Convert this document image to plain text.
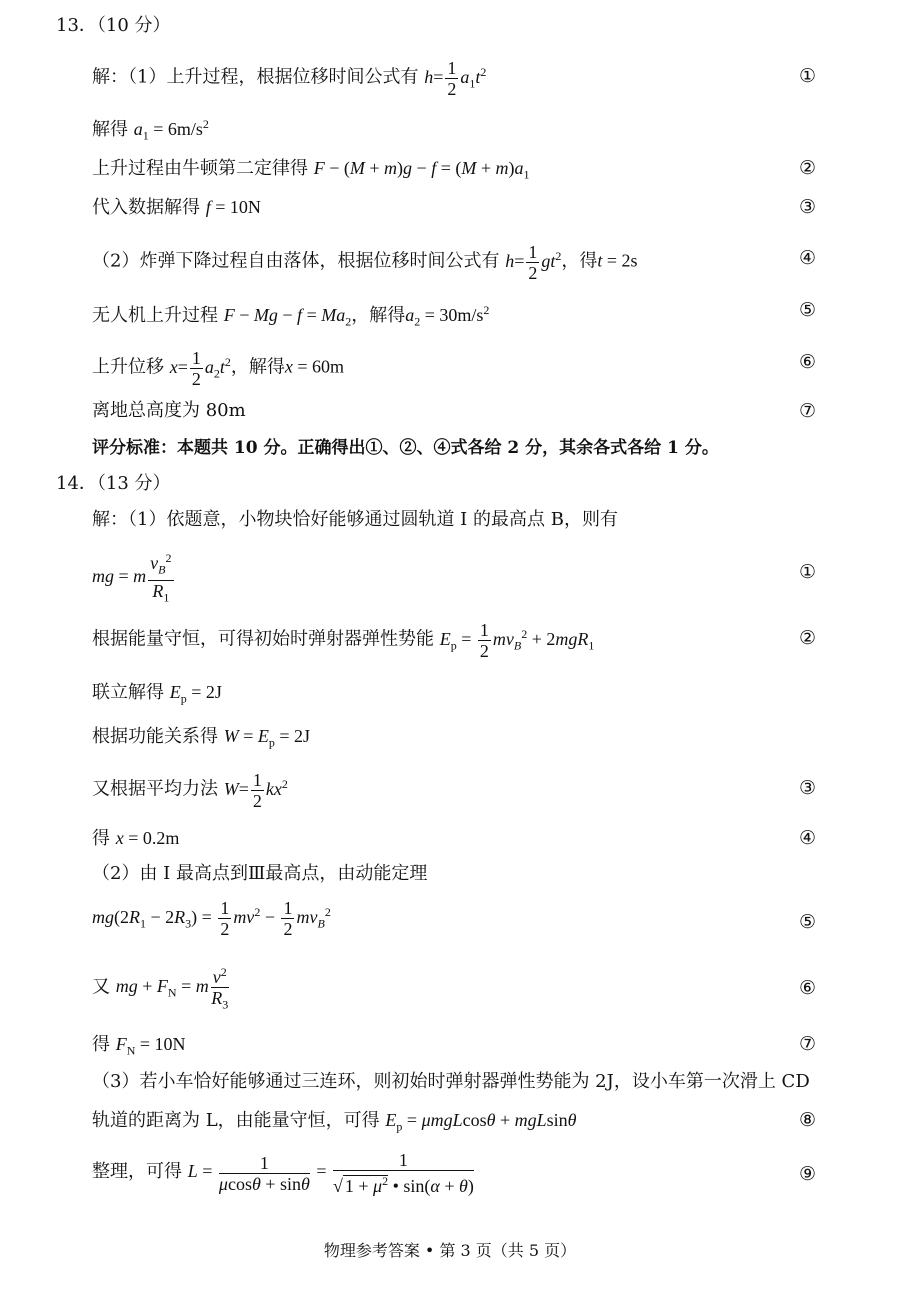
13．（10 分）
解：（1）上升过程，根据位移时间公式有 $h= \frac{1}{2} a_1t^2$	①
解得 $a_1 = 6m/s^2$
上升过程由牛顿第二定律得 $F - (M + m)g - f = (M + m)a_1$	②
代入数据解得 f = 10N	③
（2）炸弹下降过程自由落体，根据位移时间公式有 $h= \frac{1}{2} gt^2$，得t = 2s	④
无人机上升过程 $F - Mg - f = Ma_2$，解得$a_2 = 30m/s^2$	⑤
上升位移 $x= \frac{1}{2} a_2t^2$，解得x = 60m	⑥
离地总高度为 80m	⑦
评分标准：本题共 10 分。正确得出①、②、④式各给 2 分，其余各式各给 1 分。
14．（13 分）
解：（1）依题意，小物块恰好能够通过圆轨道 I 的最高点 B，则有
mg = m $\frac{v_B^2}{R_1}$	①
根据能量守恒，可得初始时弹射器弹性势能 $E_p = \frac{1}{2} mv_B^2 + 2mgR_1$	②
联立解得 $E_p = 2J$
根据功能关系得 $W = E_p = 2J$
又根据平均力法 $W= \frac{1}{2} kx^2$	③
得 x = 0.2m	④
（2）由 I 最高点到Ⅲ最高点，由动能定理
$mg(2R_1 - 2R_3) = \frac{1}{2} mv^2 - \frac{1}{2} mv_B^2$	⑤
又 mg + $F_N = m \frac{v^2}{R_3}$	⑥
得 $F_N = 10N$	⑦
（3）若小车恰好能够通过三连环，则初始时弹射器弹性势能为 2J，设小车第一次滑上 CD
轨道的距离为 L，由能量守恒，可得 $E_p = \mu mgLcos\theta + mgLsin\theta$	⑧
整理，可得 $L = \frac{1}{\mu\cos\theta + \sin\theta} = \frac{1}{√ 1 + \mu^2 • \sin(\alpha + \theta)}$	⑨
物理参考答案 • 第 3 页（共 5 页）
